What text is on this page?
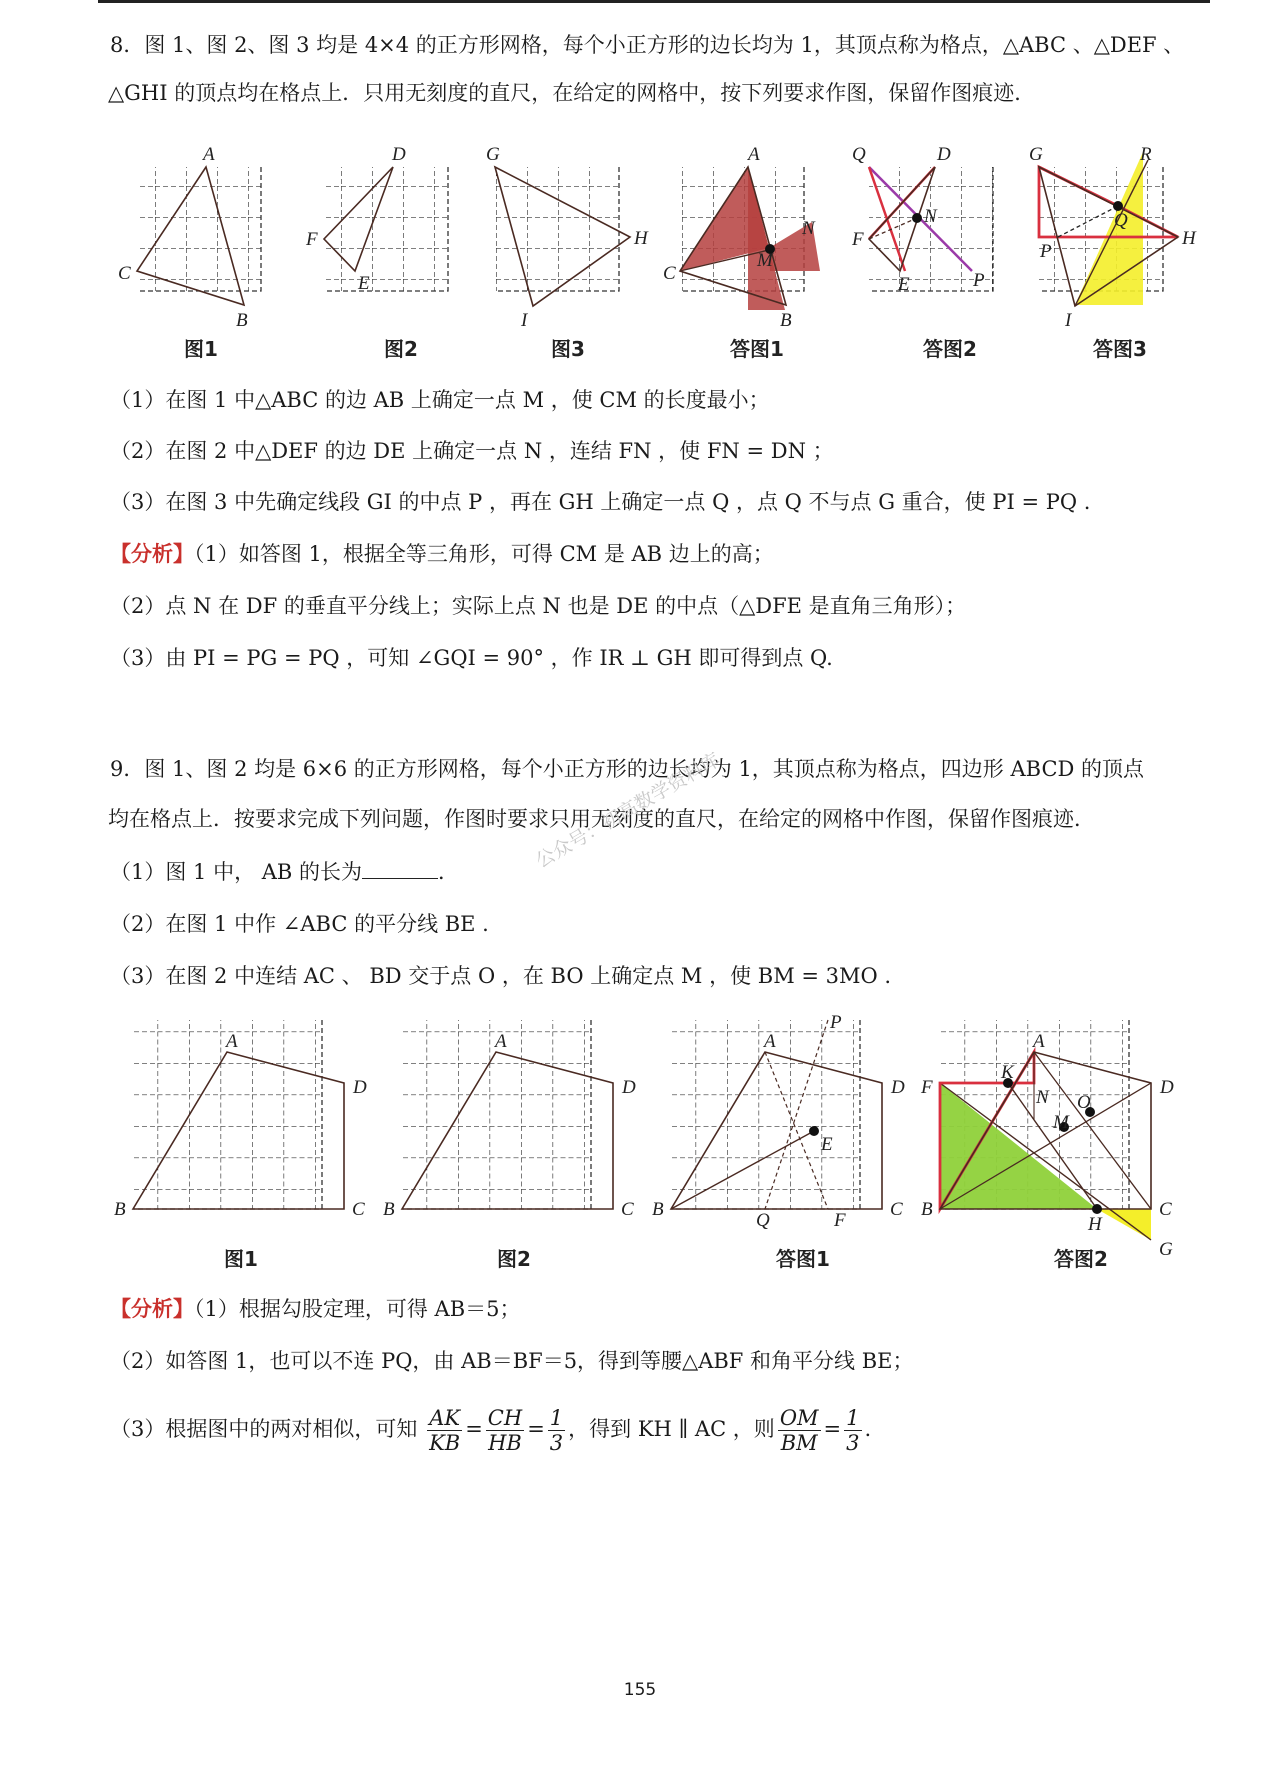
8．图 1、图 2、图 3 均是 4×4 的正方形网格，每个小正方形的边长均为 1，其顶点称为格点，△ABC 、△DEF 、
△GHI 的顶点均在格点上．只用无刻度的直尺，在给定的网格中，按下列要求作图，保留作图痕迹．
A
C
B
D
F
E
G
H
I
A
C
B
M
N
Q	D
F
N
E	P
G	R
Q
H
P
I
图1	图2	图3	答图1	答图2	答图3
（1）在图 1 中△ABC 的边 AB 上确定一点 M ，使 CM 的长度最小；
（2）在图 2 中△DEF 的边 DE 上确定一点 N ，连结 FN ，使 FN = DN ；
（3）在图 3 中先确定线段 GI 的中点 P ，再在 GH 上确定一点 Q ，点 Q 不与点 G 重合，使 PI = PQ .
【分析】（1）如答图 1，根据全等三角形，可得 CM 是 AB 边上的高；
（2）点 N 在 DF 的垂直平分线上；实际上点 N 也是 DE 的中点（△DFE 是直角三角形）；
（3）由 PI = PG = PQ ，可知 ∠GQI = 90° ，作 IR ⊥ GH 即可得到点 Q.
9．图 1、图 2 均是 6×6 的正方形网格，每个小正方形的边长均为 1，其顶点称为格点，四边形 ABCD 的顶点
均在格点上．按要求完成下列问题，作图时要求只用无刻度的直尺，在给定的网格中作图，保留作图痕迹．
（1）图 1 中， AB 的长为	．
（2）在图 1 中作 ∠ABC 的平分线 BE .
（3）在图 2 中连结 AC 、 BD 交于点 O ，在 BO 上确定点 M ，使 BM = 3MO .
公众号：初高数学资料库
A
D
B	C
A
D
B	C
A
P
D
E
B	C
Q	F
A
K
F	N O
M
D
B	C
H
G
图1	图2	答图1	答图2
【分析】（1）根据勾股定理，可得 AB＝5；
（2）如答图 1，也可以不连 PQ，由 AB＝BF＝5，得到等腰△ABF 和角平分线 BE；
（3）根据图中的两对相似，可知 $\frac{AK}{KB} = \frac{CH}{HB} = \frac{1}{3}$ ，得到 KH ∥ AC ，则 $\frac{OM}{BM} = \frac{1}{3}$ .
155
